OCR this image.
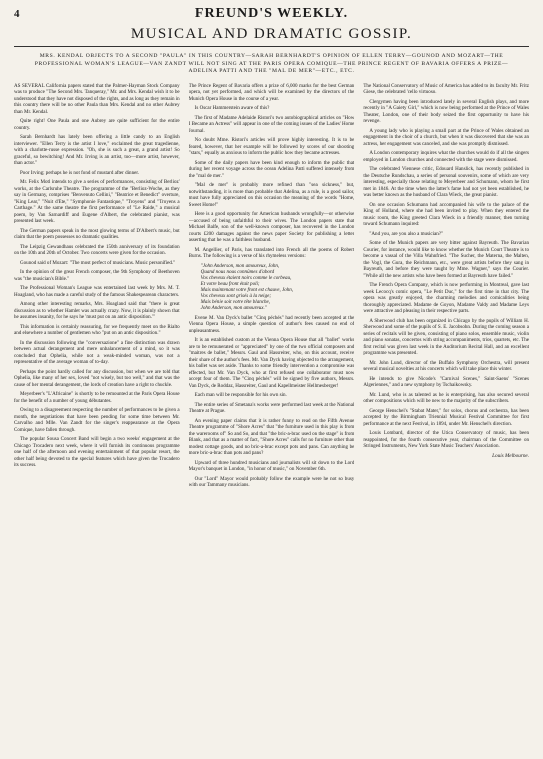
4	FREUND'S WEEKLY.
MUSICAL AND DRAMATIC GOSSIP.
MRS. KENDAL OBJECTS TO A SECOND "PAULA" IN THIS COUNTRY—SARAH BERNHARDT'S OPINION OF ELLEN TERRY—GOUNOD AND MOZART—THE PROFESSIONAL WOMAN'S LEAGUE—VAN ZANDT WILL NOT SING AT THE PARIS OPERA COMIQUE—THE PRINCE REGENT OF BAVARIA OFFERS A PRIZE—ADELINA PATTI AND THE "MAL DE MER"—ETC., ETC.

AS SEVERAL California papers stated that the Palmer-Hayman Stock Company was to produce "The Second Mrs. Tanqueray," Mr. and Mrs. Kendal wish it to be understood that they have not disposed of the rights, and as long as they remain in this country there will be no other Paula than Mrs. Kendal and no other Aubrey than Mr. Kendal.

Quite right! One Paula and one Aubrey are quite sufficient for the entire country.

Sarah Bernhardt has lately been offering a little candy to an English interviewer. "Ellen Terry is the artist I love," exclaimed the great tragedienne, with a charlotte-russe expression. "Oh, she is such a great, a grand artist! So graceful, so bewitching! And Mr. Irving is an artist, too—more artist, however, than actor."

Poor Irving; perhaps he is not fond of mustard after dinner.

Mr. Felix Motl intends to give a series of performances, consisting of Berlioz' works, at the Carlsruhe Theatre. The programme of the "Berlioz-Woche, as they say in Germany, comprises "Benvenuto Cellini," "Beatrice et Benedict" overture, "King Lear," "Nuit d'Ete," "Symphonie Fantastique," "Troyens" and "Troyens a Carthage." At the same theatre the first performance of "Le Raide," a musical poem, by Van Sarnardiff and Eugene d'Albert, the celebrated pianist, was presented last week.

The German papers speak in the most glowing terms of D'Albert's music, but claim that the poem possesses no dramatic qualities.

The Leipzig Gewandhaus celebrated the 150th anniversary of its foundation on the 10th and 20th of October. Two concerts were given for the occasion.

Gounod said of Mozart: "The most perfect of musicians. Music personified."

In the opinion of the great French composer, the 9th Symphony of Beethoven was "the musician's Bible."

The Professional Woman's League was entertained last week by Mrs. M. T. Hoagland, who has made a careful study of the famous Shakespearean characters.

Among other interesting remarks, Mrs. Hoagland said that "there is great discussion as to whether Hamlet was actually crazy. Now, it is plainly shown that he assumes insanity, for he says he 'must put on an antic disposition.'"

This information is certainly reassuring, for we frequently meet on the Rialto and elsewhere a number of gentlemen who "put on an antic disposition."

In the discussion following the "conversazione" a fine distinction was drawn between actual derangement and mere unbalancement of a mind, so it was concluded that Ophelia, while not a weak-minded woman, was not a representative of the average woman of to-day.

Perhaps the point hardly called for any discussion, but when we are told that Ophelia, like many of her sex, loved "not wisely, but too well," and that was the cause of her mental derangement, the lords of creation have a right to chuckle.

Meyerbeer's "L'Africaine" is shortly to be remounted at the Paris Opera House for the benefit of a number of young débutantes.

Owing to a disagreement respecting the number of performances to be given a month, the negotiations that have been pending for some time between Mr. Carvalho and Mlle. Van Zandt for the singer's reappearance at the Opera Comique, have fallen through.

The popular Sousa Concert Band will begin a two weeks' engagement at the Chicago Trocadero next week, where it will furnish its continuous programme one half of the afternoon and evening entertainment of that popular resort, the other half being devoted to the special features which have given the Trocadero its success.

The Prince Regent of Bavaria offers a prize of 6,000 marks for the best German opera, not yet performed, and which will be examined by the directors of the Munich Opera House in the course of a year.

Is Oscar Hammerstein aware of this?

The first of Madame Adelaide Ristori's two autobiographical articles on "How I Became an Actress" will appear in one of the coming issues of the Ladies' Home Journal.

No doubt Mme. Ristori's articles will prove highly interesting. It is to be feared, however, that her example will be followed by scores of our shooting "stars," equally as anxious to inform the public how they became actresses.

Some of the daily papers have been kind enough to inform the public that during her recent voyage across the ocean Adelina Patti suffered intensely from the "mal de mer."

"Mal de mer" is probably more refined than "sea sickness," but, notwithstanding, it is more than probable that Adelina, as a rule, is a good sailor, must have fully appreciated on this occasion the meaning of the words "Home, Sweet Home!"

Here is a good opportunity for American husbands wrongfully—or otherwise—accused of being unfaithful to their wives. The London papers state that Michael Balfe, son of the well-known composer, has recovered in the London courts £200 damages against the news paper Society for publishing a letter asserting that he was a faithless husband.

M. Angellier, of Paris, has translated into French all the poems of Robert Burns. The following is a verse of his rhymeless versions:

"John Anderson, mon amoureux, John,
Quand nous nous connûmes d'abord
Vos cheveux étaient noirs comme le corbeau,
Et votre beau front était poli;
Mais maintenant votre front est chauve, John,
Vos cheveux sont grisés à la neige;
Mais bénie soit votre tête blanche,
John Anderson, mon amoureux."

Evene M. Van Dyck's ballet "Cinq péchés" had recently been accepted at the Vienna Opera House, a simple question of author's fees caused no end of unpleasantness.

It is an established custom at the Vienna Opera House that all "ballet" works are to be remunerated or "appreciated" by one of the two official composers and "maitres de ballet," Messrs. Gaul and Hassreiter, who, on this account, receive their share of the author's fees. Mr. Van Dyck having objected to the arrangement, his ballet was set aside. Thanks to some friendly intervention a compromise was effected, but Mr. Van Dyck, who at first refused one collaborator must now accept four of them. The "Cinq péchés" will be signed by five authors, Messrs. Van Dyck, de Roddaz, Hassreiter, Gaul and Kapellmeister Hellmesberger!

Each man will be responsible for his own sin.

The entire series of Smetana's works were performed last week at the National Theatre at Prague.

An evening paper claims that it is rather funny to read on the Fifth Avenue Theatre programme of "Shore Acres" that "the furniture used in this play is from the warerooms of" So and So, and that "the bric-a-brac used on the stage" is from Blank, and that as a matter of fact, "Shore Acres" calls for no furniture other than modest cottage goods, and no bric-a-brac except pots and pans. Can anything be more bric-a-brac than pots and pans?

Upward of three hundred musicians and journalists will sit down to the Lord Mayor's banquet in London, "in honor of music," on November 6th.

Our "Lord" Mayor would probably follow the example were he not so busy with our Tammany musicians.

The National Conservatory of Music of America has added to its faculty Mr. Fritz Giese, the celebrated 'cello virtuoso.

Clergymen having been introduced lately in several English plays, and more recently in "A Gaiety Girl," which is now being performed at the Prince of Wales Theater, London, one of their body seized the first opportunity to have his revenge.

A young lady who is playing a small part at the Prince of Wales obtained an engagement in the choir of a church, but when it was discovered that she was an actress, her engagement was canceled, and she was promptly dismissed.

A London contemporary inquires what the churches would do if all the singers employed in London churches and connected with the stage were dismissed.

The celebrated Viennese critic, Edouard Hanslick, has recently published in the Deutsche Rundschau, a series of personal souvenirs, some of which are very interesting, especially those relating to Meyerbeer and Schumann, whom he first met in 1846. At the time when the latter's fame had not yet been established, he was better known as the husband of Clara Wieck, the great pianist.

On one occasion Schumann had accompanied his wife to the palace of the King of Holland, where she had been invited to play. When they entered the music room, the King greeted Clara Wieck in a friendly manner, then turning toward Schumann inquired:

"And you, are you also a musician?"

Some of the Munich papers are very bitter against Bayreuth. The Bavarian Courier, for instance, would like to know whether the Munich Court Theatre is to become a vassal of the Villa Wahnfried. "The Sucher, the Materna, the Malten, the Vogl, the Gura, the Reichmann, etc., were great artists before they sang in Bayreuth, and before they were taught by Mme. Wagner," says the Courier. "While all the new artists who have been formed at Bayreuth have failed."

The French Opera Company, which is now performing in Montreal, gave last week Lecocq's comic opera, "Le Petit Duc," for the first time in that city. The opera was greatly enjoyed, the charming melodies and comicalities being thoroughly appreciated. Madame de Goyon, Madame Valdy and Madame Leys were attractive and pleasing in their respective parts.

A Sherwood club has been organized in Chicago by the pupils of William H. Sherwood and some of the pupils of S. E. Jacobsohn. During the coming season a series of recitals will be given, consisting of piano solos, ensemble music, violin and piano sonatas, concertos with string accompaniments, trios, quartets, etc. The first recital was given last week in the Auditorium Recital Hall, and an excellent programme was presented.

Mr. John Lund, director of the Buffalo Symphony Orchestra, will present several musical novelties at his concerts which will take place this winter.

He intends to give Nicode's "Carnival Scenes," Saint-Saens' "Scenes Algeriennes," and a new symphony by Tschaikowsky.

Mr. Lund, who is as talented as he is enterprising, has also secured several other compositions which will be new to the majority of the subscribers.

George Henschel's "Stabat Mater," for solos, chorus and orchestra, has been accepted by the Birmingham Triennial Musical Festival Committee for first performance at the next Festival, in 1894, under Mr. Henschel's direction.

Louis Lombard, director of the Utica Conservatory of music, has been reappointed, for the fourth consecutive year, chairman of the Committee on Stringed Instruments, New York State Music Teachers' Association.

Louis Melbourne.
